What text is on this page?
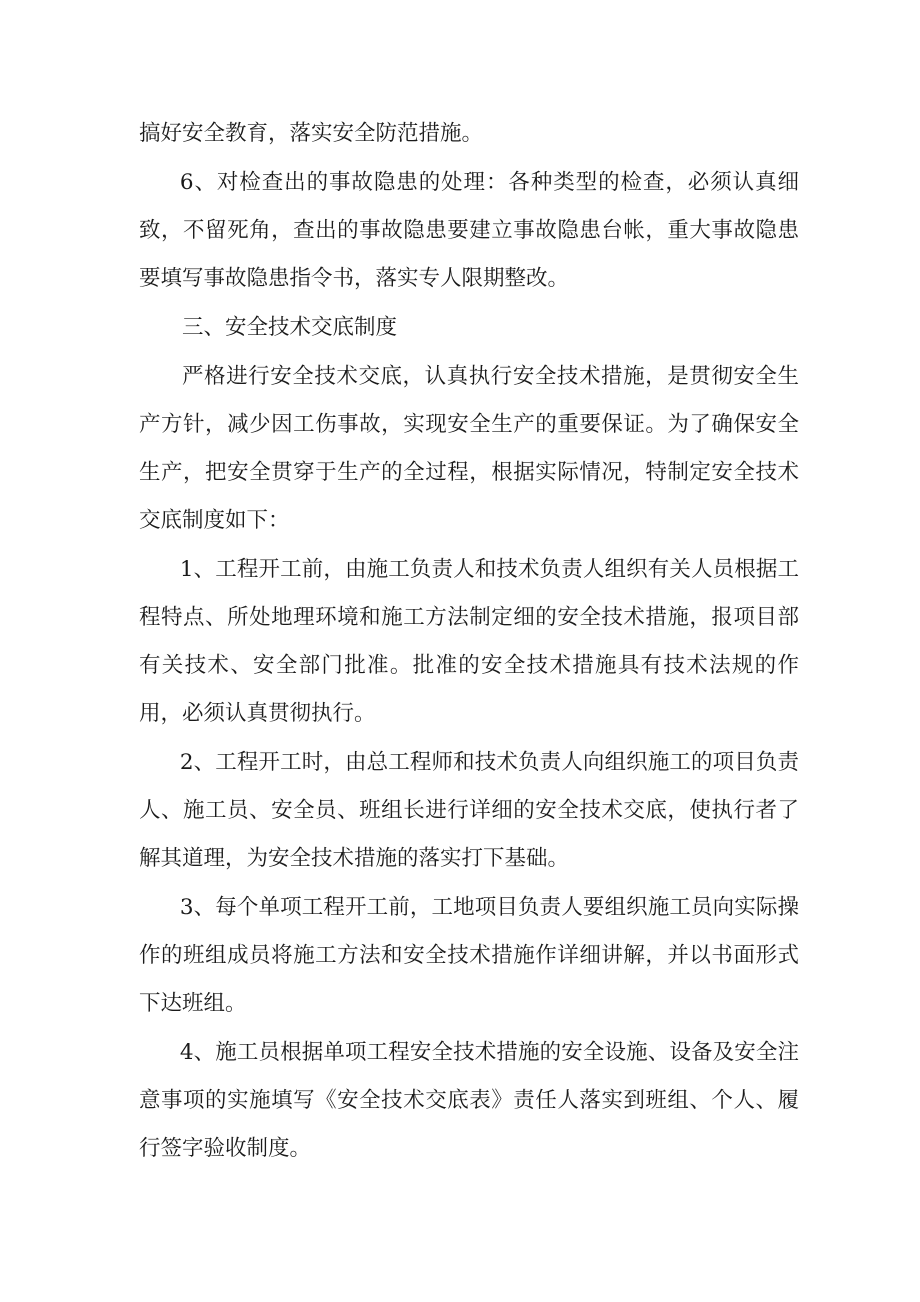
搞好安全教育，落实安全防范措施。

6、对检查出的事故隐患的处理：各种类型的检查，必须认真细致，不留死角，查出的事故隐患要建立事故隐患台帐，重大事故隐患要填写事故隐患指令书，落实专人限期整改。

三、安全技术交底制度

严格进行安全技术交底，认真执行安全技术措施，是贯彻安全生产方针，减少因工伤事故，实现安全生产的重要保证。为了确保安全生产，把安全贯穿于生产的全过程，根据实际情况，特制定安全技术交底制度如下：

1、工程开工前，由施工负责人和技术负责人组织有关人员根据工程特点、所处地理环境和施工方法制定细的安全技术措施，报项目部有关技术、安全部门批准。批准的安全技术措施具有技术法规的作用，必须认真贯彻执行。

2、工程开工时，由总工程师和技术负责人向组织施工的项目负责人、施工员、安全员、班组长进行详细的安全技术交底，使执行者了解其道理，为安全技术措施的落实打下基础。

3、每个单项工程开工前，工地项目负责人要组织施工员向实际操作的班组成员将施工方法和安全技术措施作详细讲解，并以书面形式下达班组。

4、施工员根据单项工程安全技术措施的安全设施、设备及安全注意事项的实施填写《安全技术交底表》责任人落实到班组、个人、履行签字验收制度。
